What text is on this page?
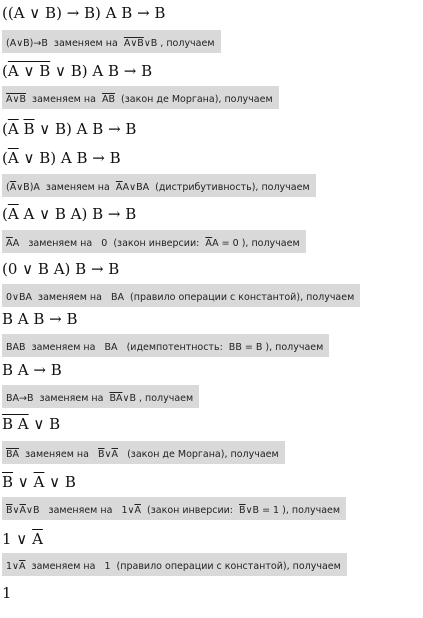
((A ∨ B) → B) A B → B
(A∨B)→B  заменяем на  A∨B∨B , получаем
(A ∨ B ∨ B) A B → B
A∨B  заменяем на  $\overline{A}\overline{B}$  (закон де Моргана), получаем
($\overline{A}$ $\overline{B}$ ∨ B) A B → B
($\overline{A}$ ∨ B) A B → B
$(\overline{A}\vee B)A$  заменяем на  $\overline{A}A\vee BA$  (дистрибутивность), получаем
($\overline{A}$ A ∨ B A) B → B
$\overline{A}A$   заменяем на   0  (закон инверсии:  $\overline{A}A = 0$ ), получаем
(0 ∨ B A) B → B
0∨BA  заменяем на   BA  (правило операции с константой), получаем
B A B → B
BAB  заменяем на   BA   (идемпотентность:  BB = B ), получаем
B A → B
BA→B  заменяем на  $\overline{BA}\vee B$ , получаем
B A ∨ B
$\overline{BA}$  заменяем на   $\overline{B}\vee\overline{A}$   (закон де Моргана), получаем
$\overline{B}$ ∨ $\overline{A}$ ∨ B
$\overline{B}\vee\overline{A}\vee B$   заменяем на   $1\vee\overline{A}$  (закон инверсии:  $\overline{B}\vee B = 1$ ), получаем
1 ∨ $\overline{A}$
$1\vee\overline{A}$  заменяем на   1  (правило операции с константой), получаем
1
